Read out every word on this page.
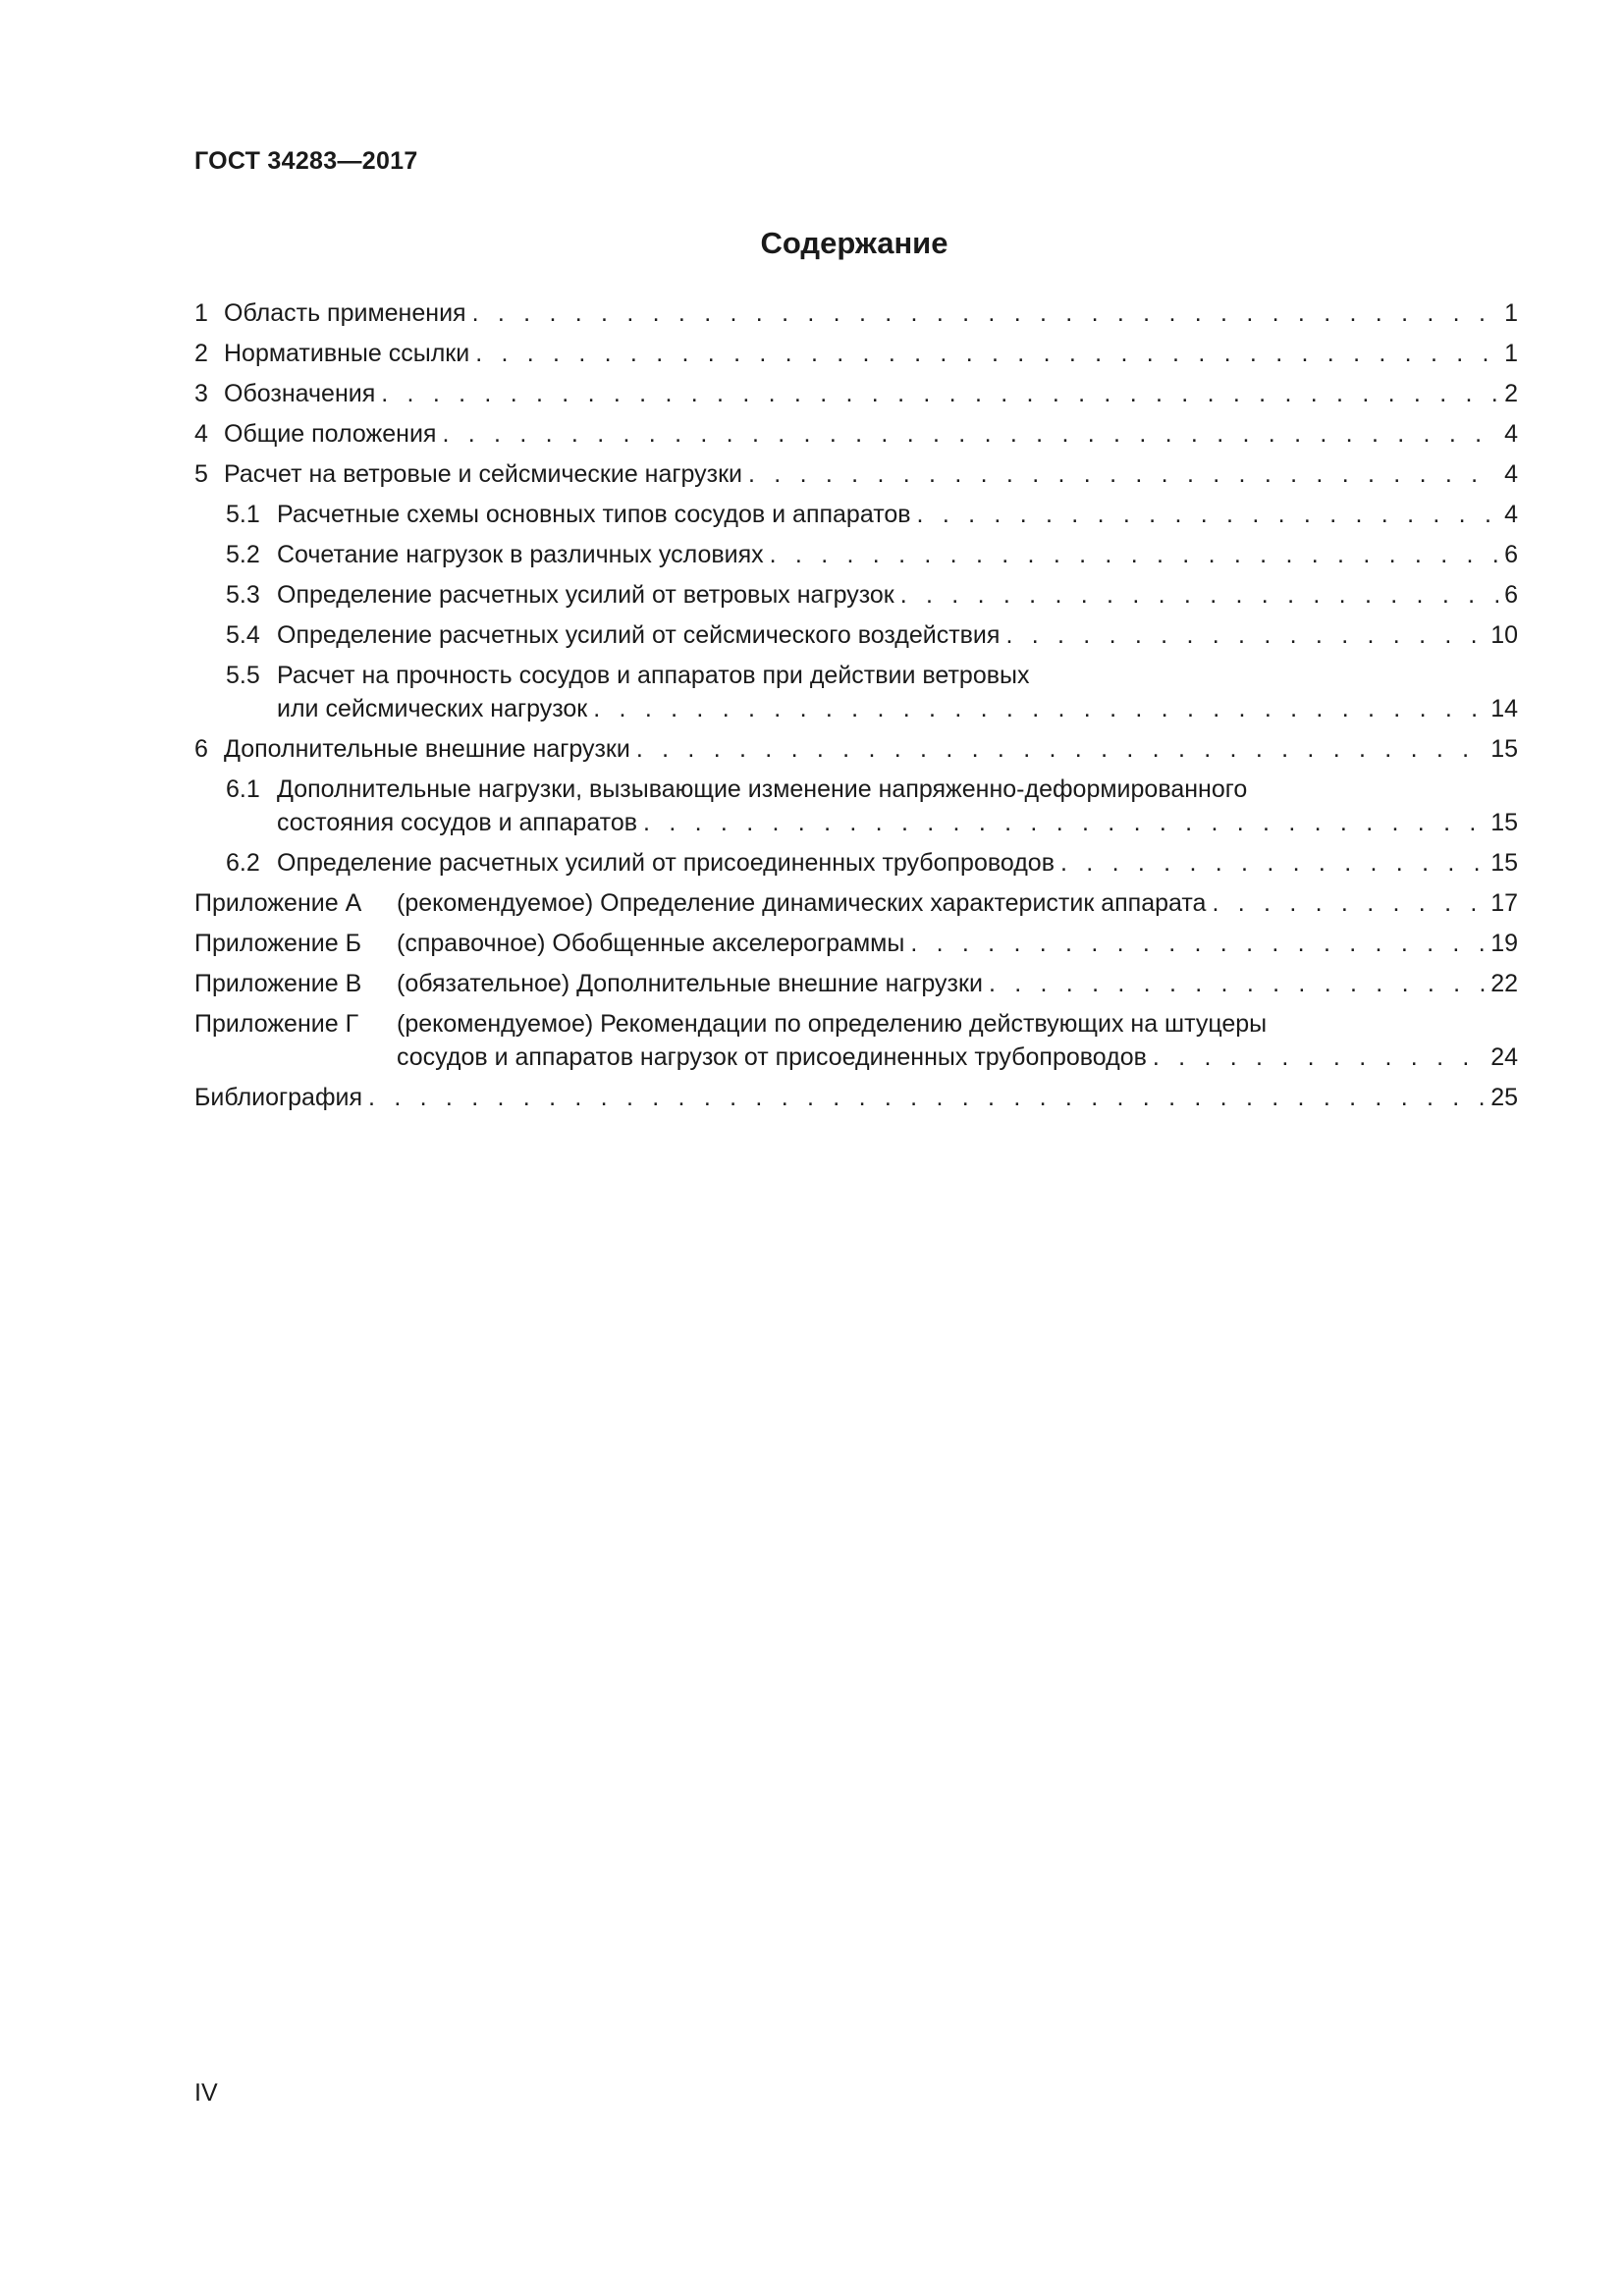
ГОСТ 34283—2017
Содержание
1 Область применения . . .	1
2 Нормативные ссылки . . .	1
3 Обозначения . . .	2
4 Общие положения . . .	4
5 Расчет на ветровые и сейсмические нагрузки . . .	4
5.1 Расчетные схемы основных типов сосудов и аппаратов . . .	4
5.2 Сочетание нагрузок в различных условиях . . .	6
5.3 Определение расчетных усилий от ветровых нагрузок . . .	6
5.4 Определение расчетных усилий от сейсмического воздействия . . .	10
5.5 Расчет на прочность сосудов и аппаратов при действии ветровых
или сейсмических нагрузок . . .	14
6 Дополнительные внешние нагрузки . . .	15
6.1 Дополнительные нагрузки, вызывающие изменение напряженно-деформированного
состояния сосудов и аппаратов . . .	15
6.2 Определение расчетных усилий от присоединенных трубопроводов . . .	15
Приложение А	(рекомендуемое) Определение динамических характеристик аппарата . . .	17
Приложение Б	(справочное) Обобщенные акселерограммы . . .	19
Приложение В	(обязательное) Дополнительные внешние нагрузки . . .	22
Приложение Г	(рекомендуемое) Рекомендации по определению действующих на штуцеры
сосудов и аппаратов нагрузок от присоединенных трубопроводов . . .	24
Библиография . . .	25
IV
